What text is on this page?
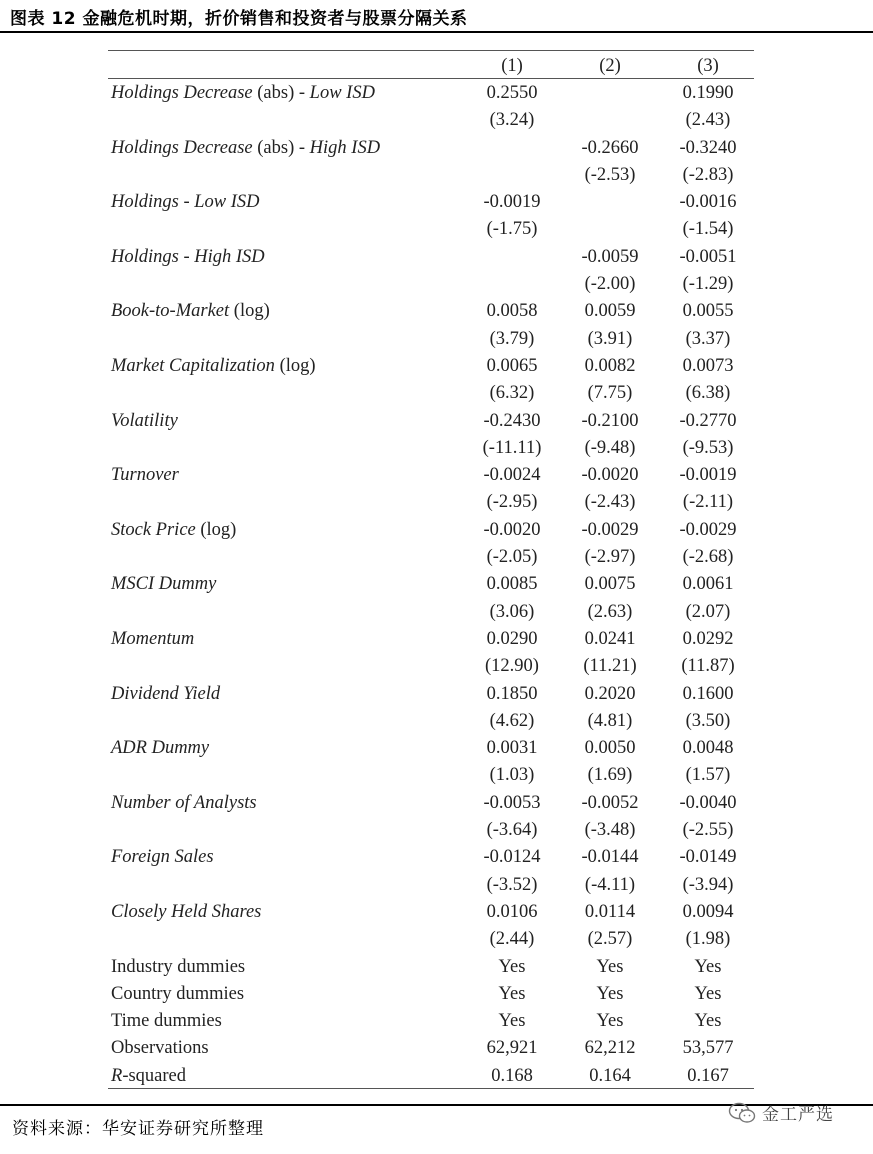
图表 12 金融危机时期，折价销售和投资者与股票分隔关系
	(1)	(2)	(3)
Holdings Decrease (abs) - Low ISD	0.2550		0.1990
	(3.24)		(2.43)
Holdings Decrease (abs) - High ISD		-0.2660	-0.3240
		(-2.53)	(-2.83)
Holdings - Low ISD	-0.0019		-0.0016
	(-1.75)		(-1.54)
Holdings - High ISD		-0.0059	-0.0051
		(-2.00)	(-1.29)
Book-to-Market (log)	0.0058	0.0059	0.0055
	(3.79)	(3.91)	(3.37)
Market Capitalization (log)	0.0065	0.0082	0.0073
	(6.32)	(7.75)	(6.38)
Volatility	-0.2430	-0.2100	-0.2770
	(-11.11)	(-9.48)	(-9.53)
Turnover	-0.0024	-0.0020	-0.0019
	(-2.95)	(-2.43)	(-2.11)
Stock Price (log)	-0.0020	-0.0029	-0.0029
	(-2.05)	(-2.97)	(-2.68)
MSCI Dummy	0.0085	0.0075	0.0061
	(3.06)	(2.63)	(2.07)
Momentum	0.0290	0.0241	0.0292
	(12.90)	(11.21)	(11.87)
Dividend Yield	0.1850	0.2020	0.1600
	(4.62)	(4.81)	(3.50)
ADR Dummy	0.0031	0.0050	0.0048
	(1.03)	(1.69)	(1.57)
Number of Analysts	-0.0053	-0.0052	-0.0040
	(-3.64)	(-3.48)	(-2.55)
Foreign Sales	-0.0124	-0.0144	-0.0149
	(-3.52)	(-4.11)	(-3.94)
Closely Held Shares	0.0106	0.0114	0.0094
	(2.44)	(2.57)	(1.98)
Industry dummies	Yes	Yes	Yes
Country dummies	Yes	Yes	Yes
Time dummies	Yes	Yes	Yes
Observations	62,921	62,212	53,577
R-squared	0.168	0.164	0.167
资料来源：华安证券研究所整理
金工严选
